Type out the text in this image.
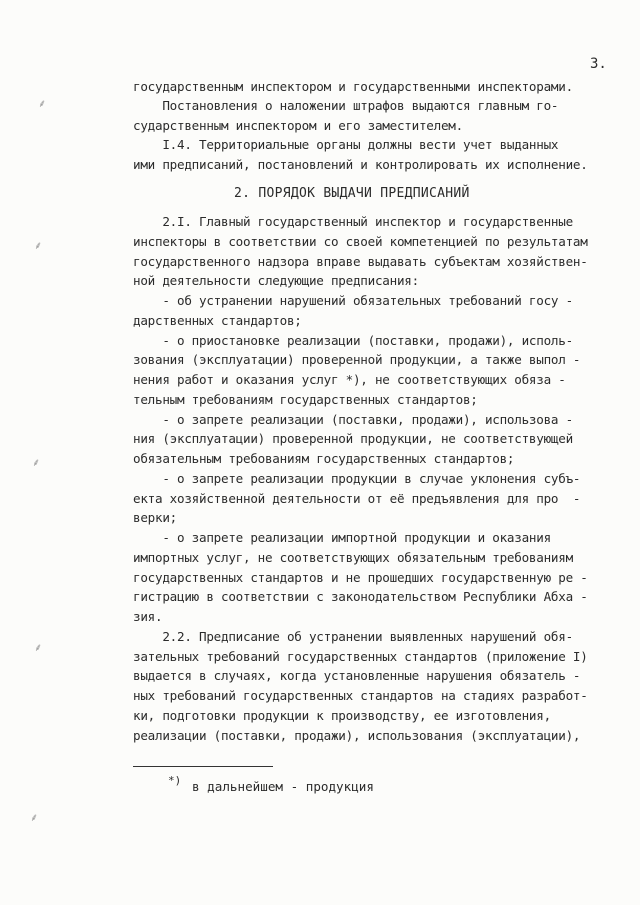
3.
государственным инспектором и государственными инспекторами.
Постановления о наложении штрафов выдаются главным го-
сударственным инспектором и его заместителем.
I.4. Территориальные органы должны вести учет выданных
ими предписаний, постановлений и контролировать их исполнение.
2. ПОРЯДОК ВЫДАЧИ ПРЕДПИСАНИЙ
2.I. Главный государственный инспектор и государственные
инспекторы в соответствии со своей компетенцией по результатам
государственного надзора вправе выдавать субъектам хозяйствен-
ной деятельности следующие предписания:
- об устранении нарушений обязательных требований госу -
дарственных стандартов;
- о приостановке реализации (поставки, продажи), исполь-
зования (эксплуатации) проверенной продукции, а также выпол -
нения работ и оказания услуг *), не соответствующих обяза -
тельным требованиям государственных стандартов;
- о запрете реализации (поставки, продажи), использова -
ния (эксплуатации) проверенной продукции, не соответствующей
обязательным требованиям государственных стандартов;
- о запрете реализации продукции в случае уклонения субъ-
екта хозяйственной деятельности от её предъявления для про  -
верки;
- о запрете реализации импортной продукции и оказания
импортных услуг, не соответствующих обязательным требованиям
государственных стандартов и не прошедших государственную ре -
гистрацию в соответствии с законодательством Республики Абха -
зия.
2.2. Предписание об устранении выявленных нарушений обя-
зательных требований государственных стандартов (приложение I)
выдается в случаях, когда установленные нарушения обязатель -
ных требований государственных стандартов на стадиях разработ-
ки, подготовки продукции к производству, ее изготовления,
реализации (поставки, продажи), использования (эксплуатации),
*) в дальнейшем - продукция
⸙
⸙
⸙
⸙
⸙
